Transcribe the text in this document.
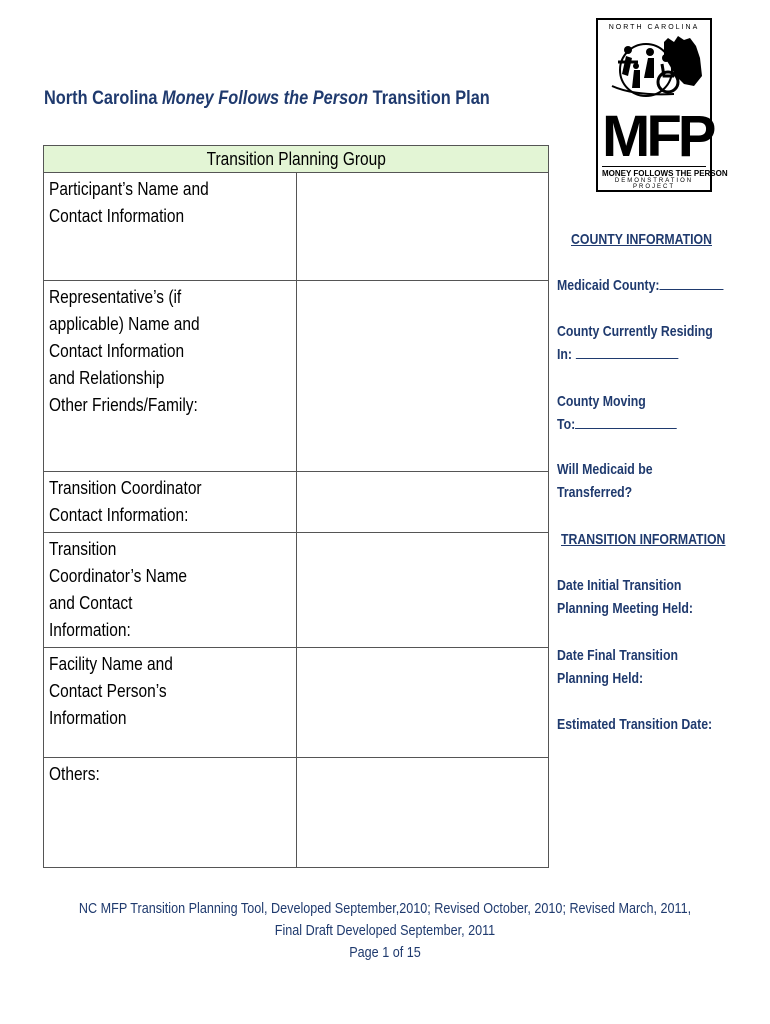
North Carolina Money Follows the Person Transition Plan
NORTH CAROLINA
MFP
MONEY FOLLOWS THE PERSON
DEMONSTRATION PROJECT
Transition Planning Group	
Participant’s Name and Contact Information	
Representative’s (if applicable) Name and Contact Information and Relationship
Other Friends/Family:	
Transition Coordinator Contact Information:	
Transition Coordinator’s Name and Contact Information:	
Facility Name and Contact Person’s Information	
Others:	
COUNTY INFORMATION
Medicaid County:
County Currently Residing
In:
County Moving
To:
Will Medicaid be
Transferred?
TRANSITION INFORMATION
Date Initial Transition
Planning Meeting Held:
Date Final Transition
Planning Held:
Estimated Transition Date:
NC MFP Transition Planning Tool, Developed September,2010; Revised October, 2010; Revised March, 2011,
Final Draft Developed September, 2011
Page 1 of 15
